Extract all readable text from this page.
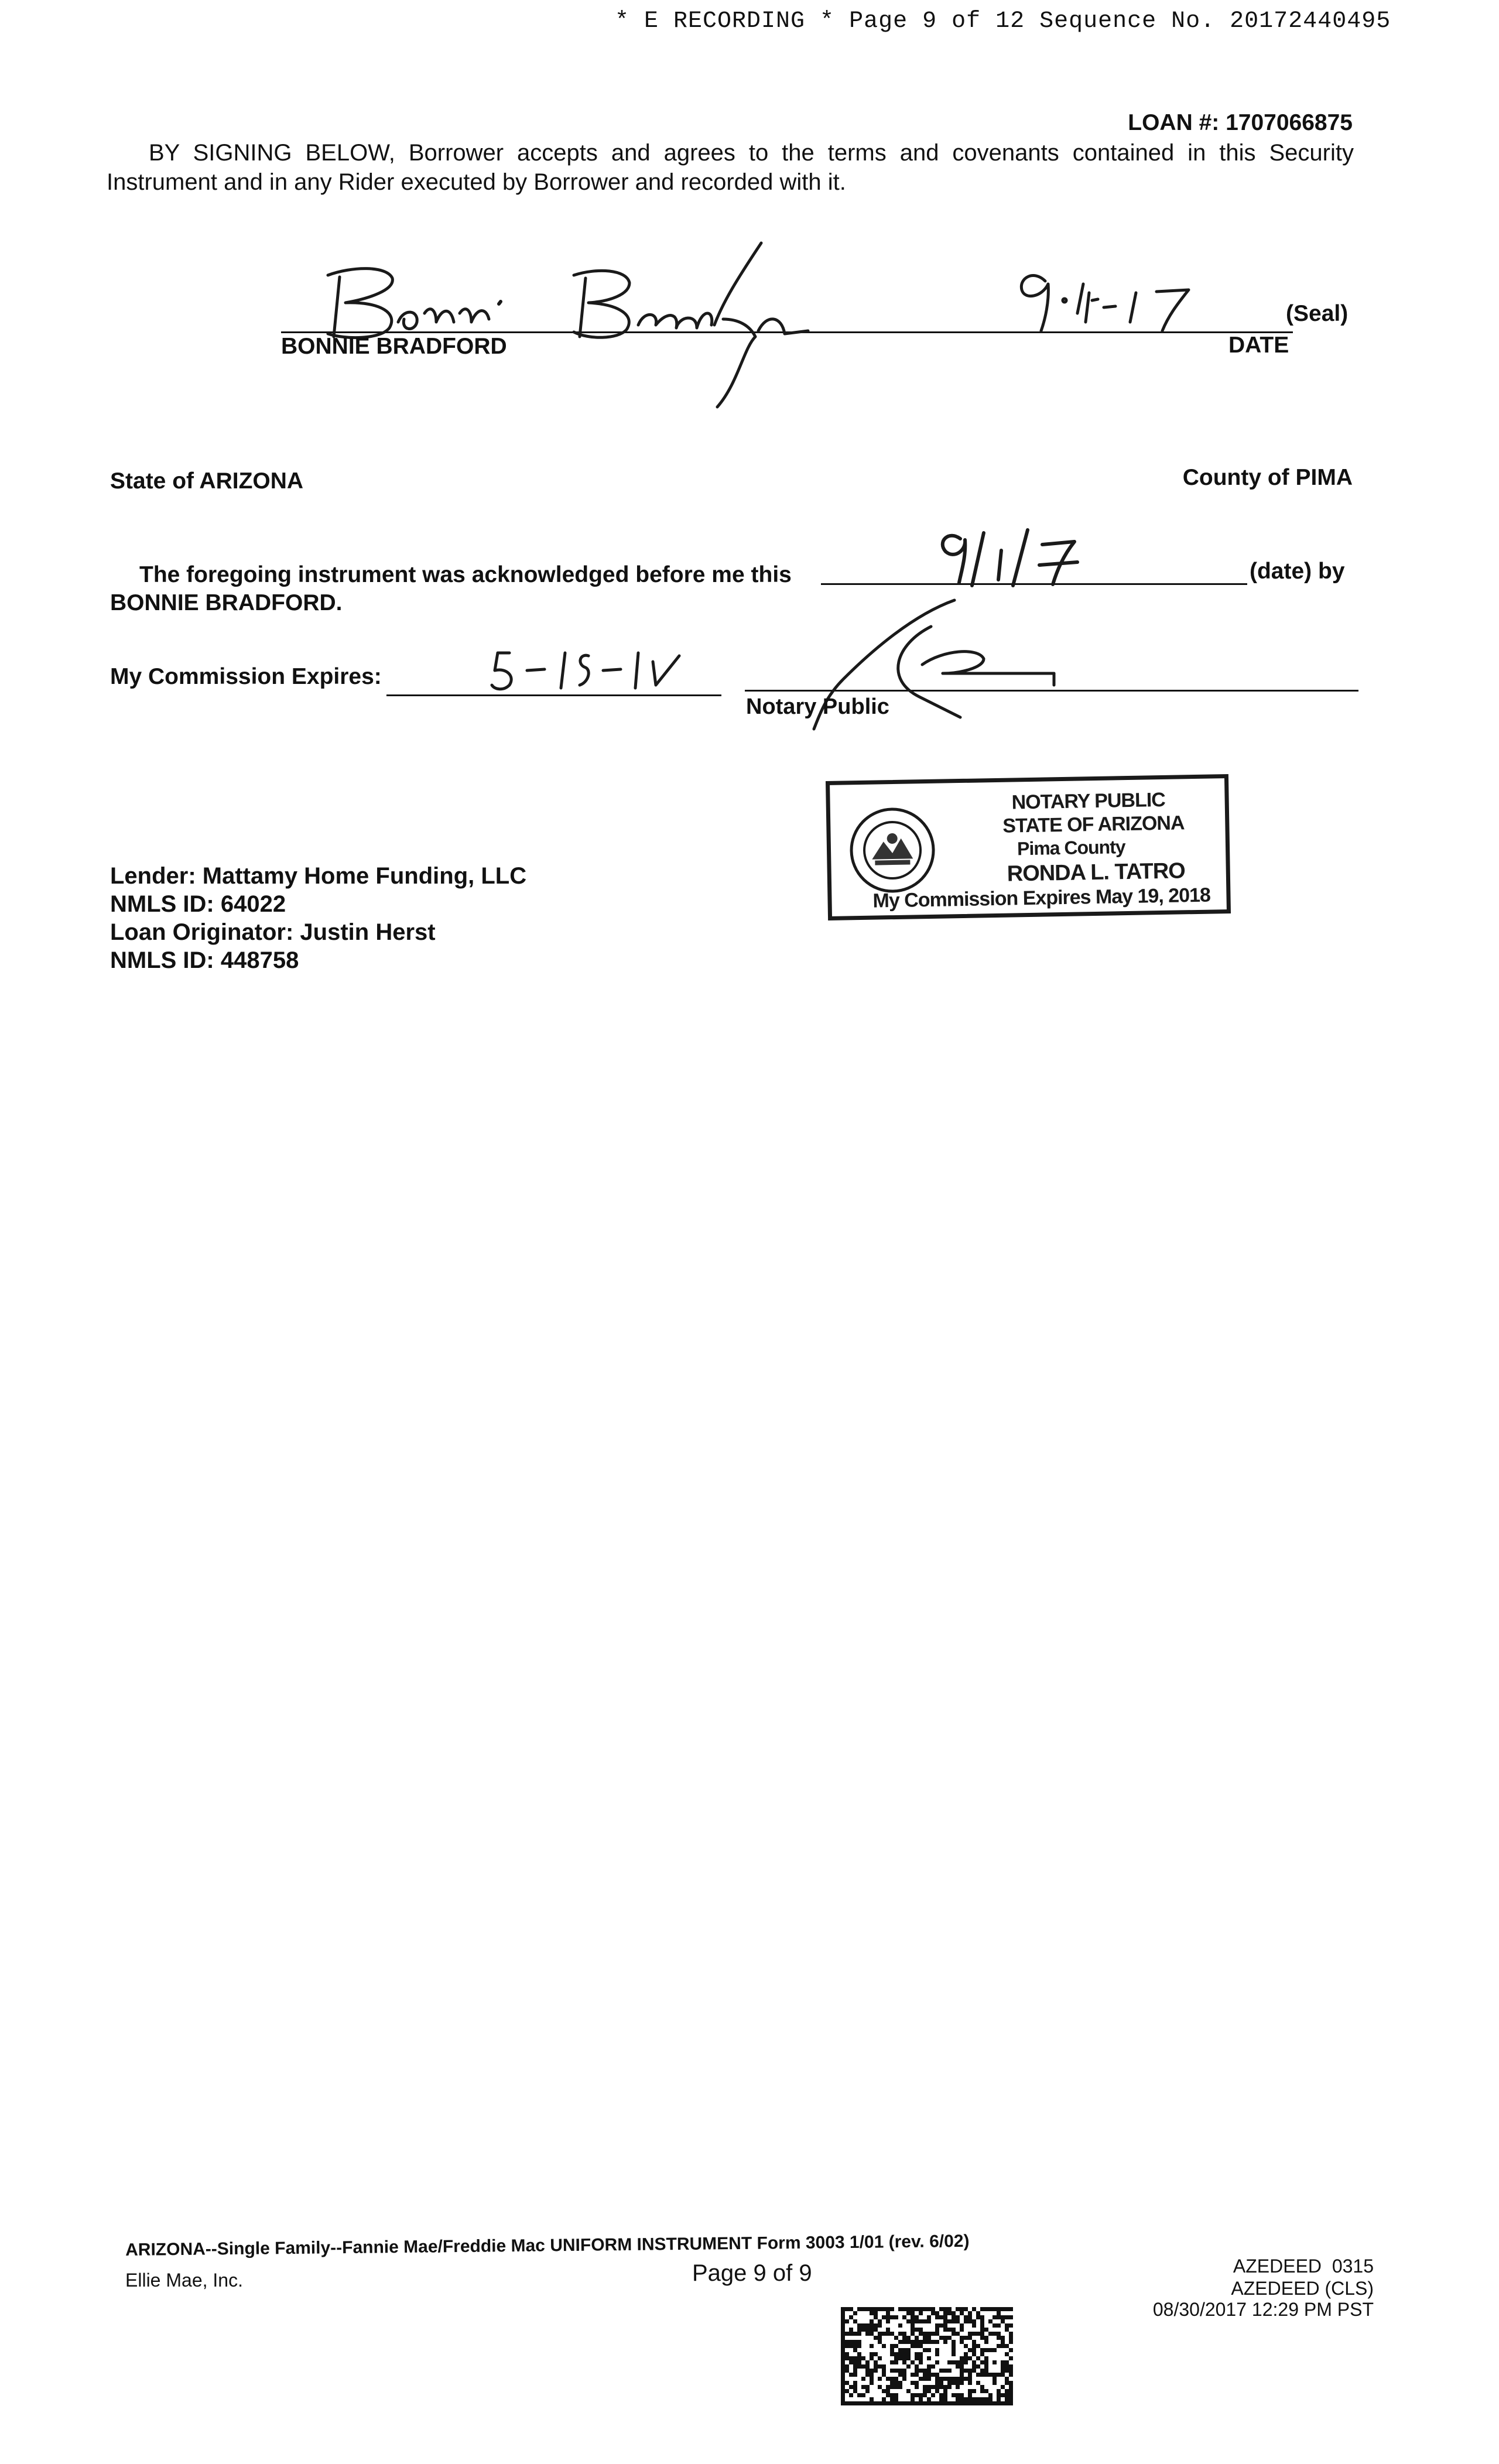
* E RECORDING * Page 9 of 12 Sequence No. 20172440495
LOAN #: 1707066875
BY SIGNING BELOW, Borrower accepts and agrees to the terms and covenants contained in this Security Instrument and in any Rider executed by Borrower and recorded with it.
(Seal)
BONNIE BRADFORD	DATE
State of ARIZONA	County of PIMA
The foregoing instrument was acknowledged before me this	(date) by
BONNIE BRADFORD.
My Commission Expires:
Notary Public
NOTARY PUBLIC
STATE OF ARIZONA
Pima County
RONDA L. TATRO
My Commission Expires May 19, 2018
Lender: Mattamy Home Funding, LLC
NMLS ID: 64022
Loan Originator: Justin Herst
NMLS ID: 448758
ARIZONA--Single Family--Fannie Mae/Freddie Mac UNIFORM INSTRUMENT Form 3003 1/01 (rev. 6/02)
Ellie Mae, Inc.	Page 9 of 9	AZEDEED  0315
AZEDEED (CLS)
08/30/2017 12:29 PM PST
